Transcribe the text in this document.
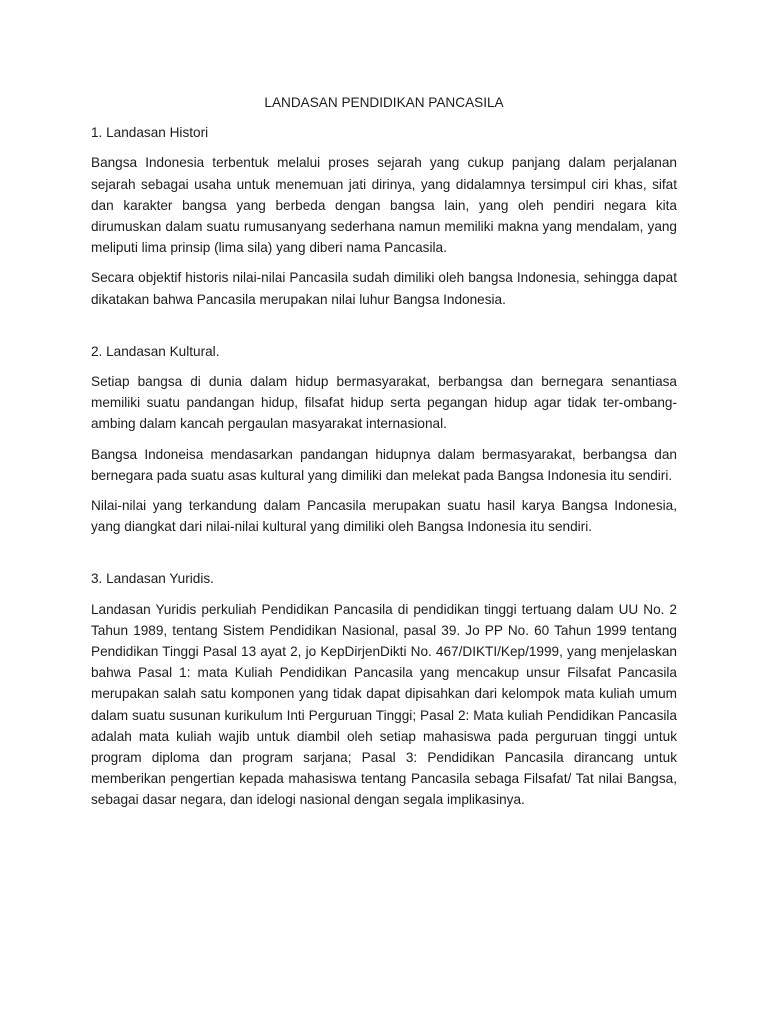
LANDASAN PENDIDIKAN PANCASILA
1. Landasan Histori

Bangsa Indonesia terbentuk melalui proses sejarah yang cukup panjang dalam perjalanan sejarah sebagai usaha untuk menemuan jati dirinya, yang didalamnya tersimpul ciri khas, sifat dan karakter bangsa yang berbeda dengan bangsa lain, yang oleh pendiri negara kita dirumuskan dalam suatu rumusanyang sederhana namun memiliki makna yang mendalam, yang meliputi lima prinsip (lima sila) yang diberi nama Pancasila.

Secara objektif historis nilai-nilai Pancasila sudah dimiliki oleh bangsa Indonesia, sehingga dapat dikatakan bahwa Pancasila merupakan nilai luhur Bangsa Indonesia.

2. Landasan Kultural.

Setiap bangsa di dunia dalam hidup bermasyarakat, berbangsa dan bernegara senantiasa memiliki suatu pandangan hidup, filsafat hidup serta pegangan hidup agar tidak ter-ombang-ambing dalam kancah pergaulan masyarakat internasional.

Bangsa Indoneisa mendasarkan pandangan hidupnya dalam bermasyarakat, berbangsa dan bernegara pada suatu asas kultural yang dimiliki dan melekat pada Bangsa Indonesia itu sendiri.

Nilai-nilai yang terkandung dalam Pancasila merupakan suatu hasil karya Bangsa Indonesia, yang diangkat dari nilai-nilai kultural yang dimiliki oleh Bangsa Indonesia itu sendiri.

3. Landasan Yuridis.

Landasan Yuridis perkuliah Pendidikan Pancasila di pendidikan tinggi tertuang dalam UU No. 2 Tahun 1989, tentang Sistem Pendidikan Nasional, pasal 39. Jo PP No. 60 Tahun 1999 tentang Pendidikan Tinggi Pasal 13 ayat 2, jo KepDirjenDikti No. 467/DIKTI/Kep/1999, yang menjelaskan bahwa Pasal 1: mata Kuliah Pendidikan Pancasila yang mencakup unsur Filsafat Pancasila merupakan salah satu komponen yang tidak dapat dipisahkan dari kelompok mata kuliah umum dalam suatu susunan kurikulum Inti Perguruan Tinggi; Pasal 2: Mata kuliah Pendidikan Pancasila adalah mata kuliah wajib untuk diambil oleh setiap mahasiswa pada perguruan tinggi untuk program diploma dan program sarjana; Pasal 3: Pendidikan Pancasila dirancang untuk memberikan pengertian kepada mahasiswa tentang Pancasila sebaga Filsafat/ Tat nilai Bangsa, sebagai dasar negara, dan idelogi nasional dengan segala implikasinya.
